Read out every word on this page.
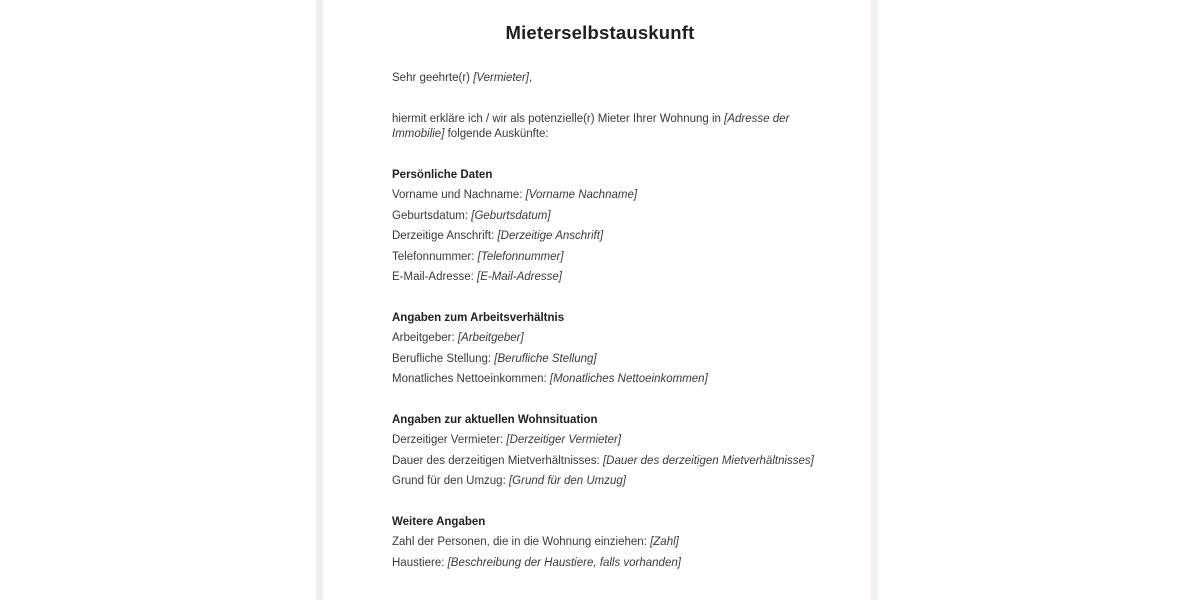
Mieterselbstauskunft

Sehr geehrte(r) [Vermieter],

hiermit erkläre ich / wir als potenzielle(r) Mieter Ihrer Wohnung in [Adresse der Immobilie] folgende Auskünfte:

Persönliche Daten

Vorname und Nachname: [Vorname Nachname]

Geburtsdatum: [Geburtsdatum]

Derzeitige Anschrift: [Derzeitige Anschrift]

Telefonnummer: [Telefonnummer]

E-Mail-Adresse: [E-Mail-Adresse]

Angaben zum Arbeitsverhältnis

Arbeitgeber: [Arbeitgeber]

Berufliche Stellung: [Berufliche Stellung]

Monatliches Nettoeinkommen: [Monatliches Nettoeinkommen]

Angaben zur aktuellen Wohnsituation

Derzeitiger Vermieter: [Derzeitiger Vermieter]

Dauer des derzeitigen Mietverhältnisses: [Dauer des derzeitigen Mietverhältnisses]

Grund für den Umzug: [Grund für den Umzug]

Weitere Angaben

Zahl der Personen, die in die Wohnung einziehen: [Zahl]

Haustiere: [Beschreibung der Haustiere, falls vorhanden]
